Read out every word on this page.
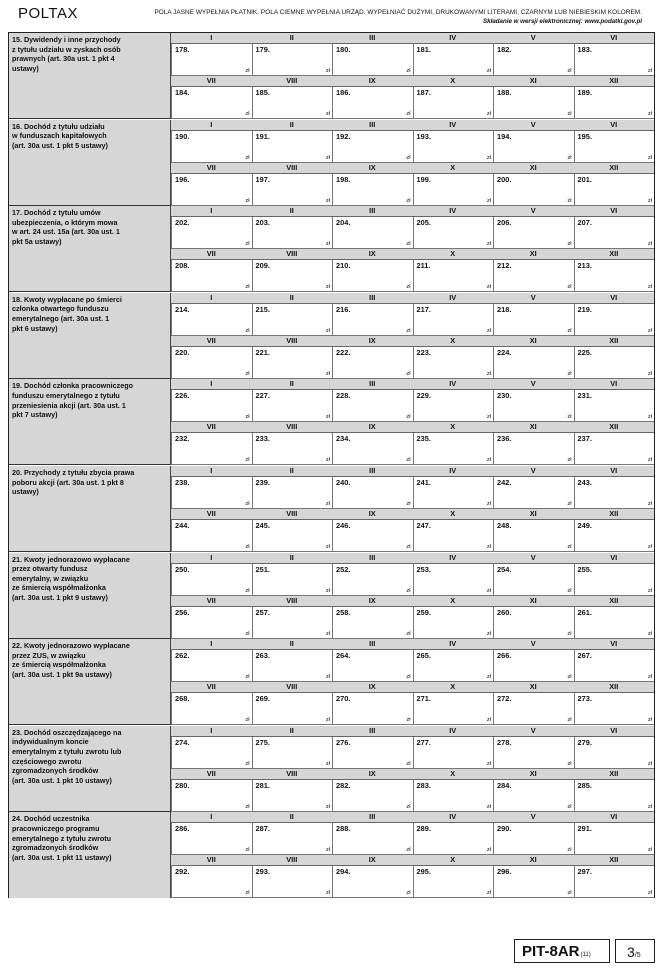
POLTAX	POLA JASNE WYPEŁNIA PŁATNIK. POLA CIEMNE WYPEŁNIA URZĄD. WYPEŁNIAĆ DUŻYMI, DRUKOWANYMI LITERAMI, CZARNYM LUB NIEBIESKIM KOLOREM.
Składanie w wersji elektronicznej: www.podatki.gov.pl
15. Dywidendy i inne przychody
z tytułu udziału w zyskach osób
prawnych (art. 30a ust. 1 pkt 4
ustawy)
I
178.
zł
II
179.
zł
III
180.
zł
IV
181.
zł
V
182.
zł
VI
183.
zł
VII
184.
zł
VIII
185.
zł
IX
186.
zł
X
187.
zł
XI
188.
zł
XII
189.
zł
16. Dochód z tytułu udziału
w funduszach kapitałowych
(art. 30a ust. 1 pkt 5 ustawy)
I
190.
zł
II
191.
zł
III
192.
zł
IV
193.
zł
V
194.
zł
VI
195.
zł
VII
196.
zł
VIII
197.
zł
IX
198.
zł
X
199.
zł
XI
200.
zł
XII
201.
zł
17. Dochód z tytułu umów
ubezpieczenia, o którym mowa
w art. 24 ust. 15a (art. 30a ust. 1
pkt 5a ustawy)
I
202.
zł
II
203.
zł
III
204.
zł
IV
205.
zł
V
206.
zł
VI
207.
zł
VII
208.
zł
VIII
209.
zł
IX
210.
zł
X
211.
zł
XI
212.
zł
XII
213.
zł
18. Kwoty wypłacane po śmierci
członka otwartego funduszu
emerytalnego (art. 30a ust. 1
pkt 6 ustawy)
I
214.
zł
II
215.
zł
III
216.
zł
IV
217.
zł
V
218.
zł
VI
219.
zł
VII
220.
zł
VIII
221.
zł
IX
222.
zł
X
223.
zł
XI
224.
zł
XII
225.
zł
19. Dochód członka pracowniczego
funduszu emerytalnego z tytułu
przeniesienia akcji (art. 30a ust. 1
pkt 7 ustawy)
I
226.
zł
II
227.
zł
III
228.
zł
IV
229.
zł
V
230.
zł
VI
231.
zł
VII
232.
zł
VIII
233.
zł
IX
234.
zł
X
235.
zł
XI
236.
zł
XII
237.
zł
20. Przychody z tytułu zbycia prawa
poboru akcji (art. 30a ust. 1 pkt 8
ustawy)
I
238.
zł
II
239.
zł
III
240.
zł
IV
241.
zł
V
242.
zł
VI
243.
zł
VII
244.
zł
VIII
245.
zł
IX
246.
zł
X
247.
zł
XI
248.
zł
XII
249.
zł
21. Kwoty jednorazowo wypłacane
przez otwarty fundusz
emerytalny, w związku
ze śmiercią współmałżonka
(art. 30a ust. 1 pkt 9 ustawy)
I
250.
zł
II
251.
zł
III
252.
zł
IV
253.
zł
V
254.
zł
VI
255.
zł
VII
256.
zł
VIII
257.
zł
IX
258.
zł
X
259.
zł
XI
260.
zł
XII
261.
zł
22. Kwoty jednorazowo wypłacane
przez ZUS, w związku
ze śmiercią współmałżonka
(art. 30a ust. 1 pkt 9a ustawy)
I
262.
zł
II
263.
zł
III
264.
zł
IV
265.
zł
V
266.
zł
VI
267.
zł
VII
268.
zł
VIII
269.
zł
IX
270.
zł
X
271.
zł
XI
272.
zł
XII
273.
zł
23. Dochód oszczędzającego na
indywidualnym koncie
emerytalnym z tytułu zwrotu lub
częściowego zwrotu
zgromadzonych środków
(art. 30a ust. 1 pkt 10 ustawy)
I
274.
zł
II
275.
zł
III
276.
zł
IV
277.
zł
V
278.
zł
VI
279.
zł
VII
280.
zł
VIII
281.
zł
IX
282.
zł
X
283.
zł
XI
284.
zł
XII
285.
zł
24. Dochód uczestnika
pracowniczego programu
emerytalnego z tytułu zwrotu
zgromadzonych środków
(art. 30a ust. 1 pkt 11 ustawy)
I
286.
zł
II
287.
zł
III
288.
zł
IV
289.
zł
V
290.
zł
VI
291.
zł
VII
292.
zł
VIII
293.
zł
IX
294.
zł
X
295.
zł
XI
296.
zł
XII
297.
zł
PIT-8AR(11)	3/5
